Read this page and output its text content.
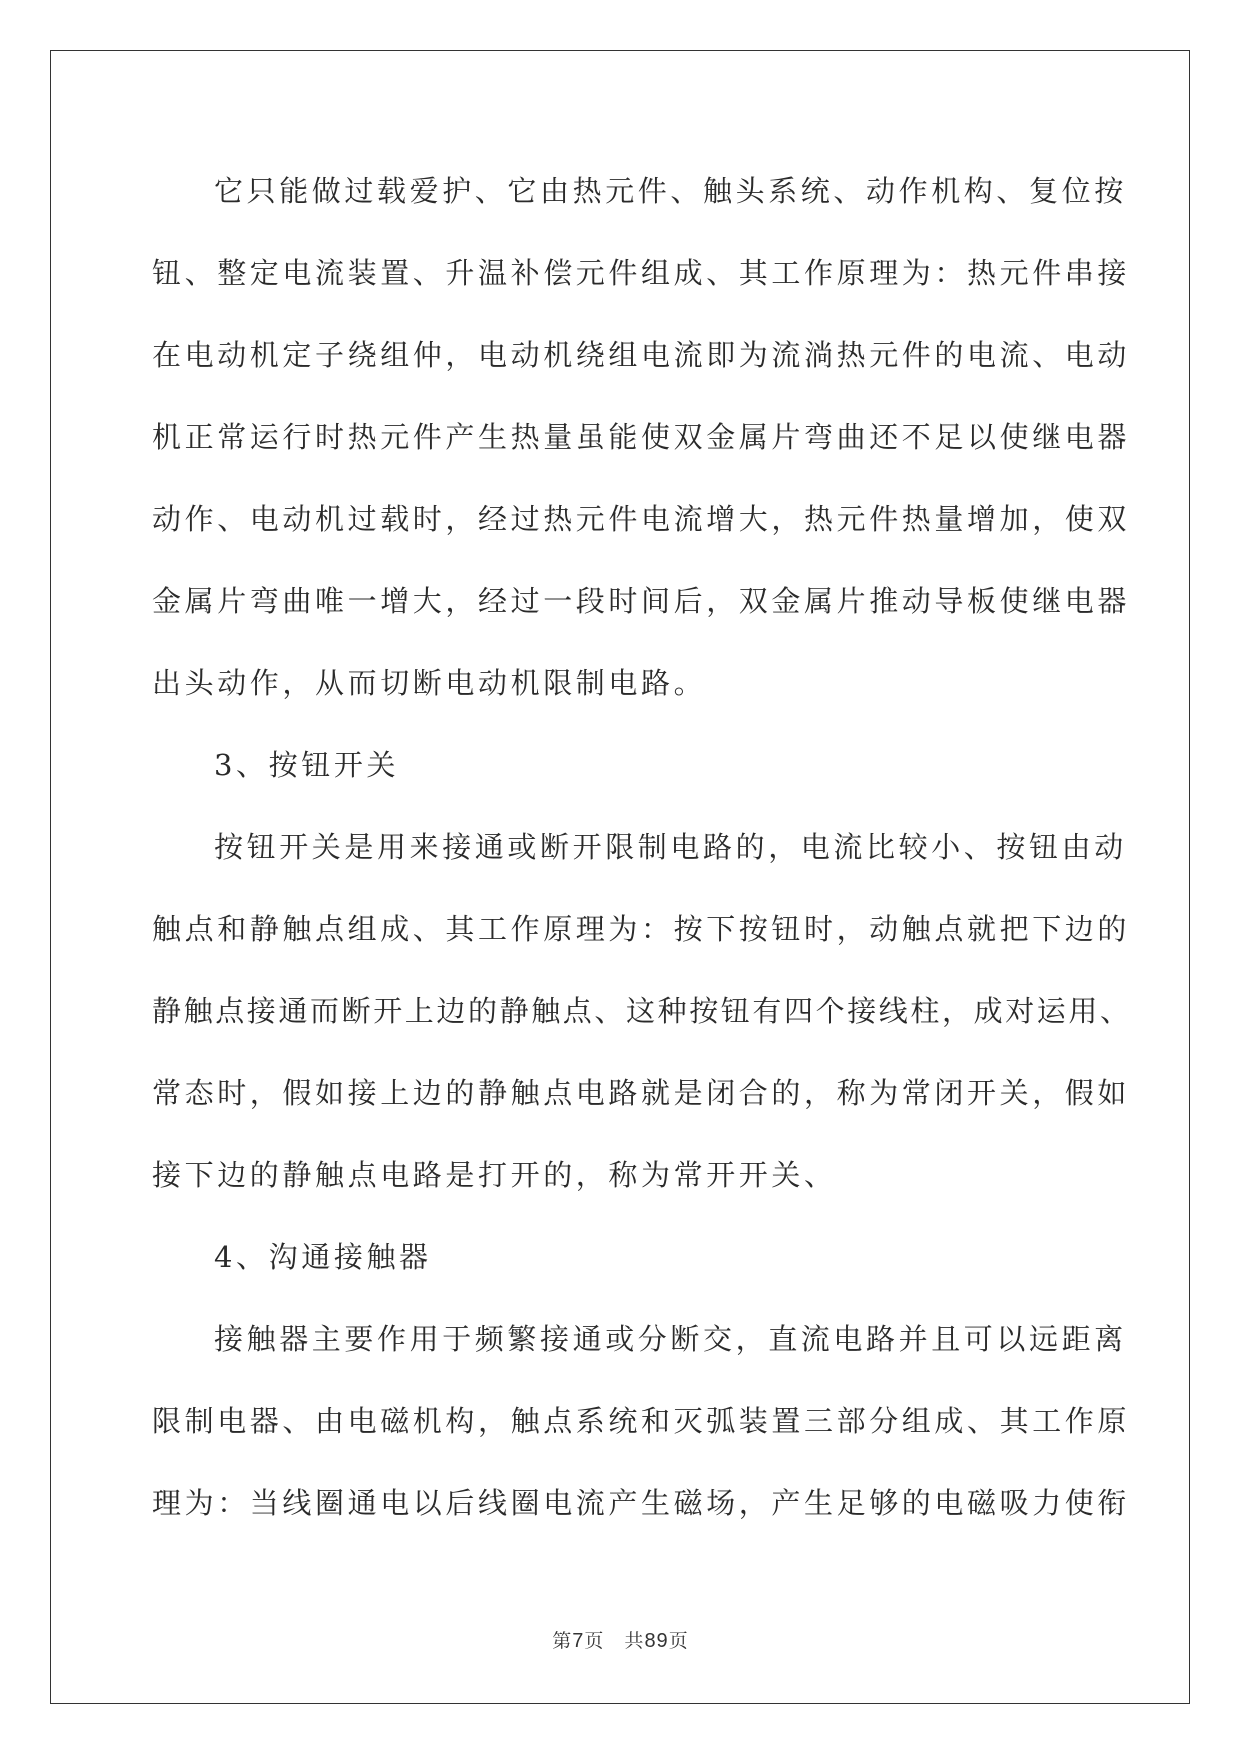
它只能做过载爱护、它由热元件、触头系统、动作机构、复位按
钮、整定电流装置、升温补偿元件组成、其工作原理为：热元件串接
在电动机定子绕组仲，电动机绕组电流即为流淌热元件的电流、电动
机正常运行时热元件产生热量虽能使双金属片弯曲还不足以使继电器
动作、电动机过载时，经过热元件电流增大，热元件热量增加，使双
金属片弯曲唯一增大，经过一段时间后，双金属片推动导板使继电器
出头动作，从而切断电动机限制电路。
3、按钮开关
按钮开关是用来接通或断开限制电路的，电流比较小、按钮由动
触点和静触点组成、其工作原理为：按下按钮时，动触点就把下边的
静触点接通而断开上边的静触点、这种按钮有四个接线柱，成对运用、
常态时，假如接上边的静触点电路就是闭合的，称为常闭开关，假如
接下边的静触点电路是打开的，称为常开开关、
4、沟通接触器
接触器主要作用于频繁接通或分断交，直流电路并且可以远距离
限制电器、由电磁机构，触点系统和灭弧装置三部分组成、其工作原
理为：当线圈通电以后线圈电流产生磁场，产生足够的电磁吸力使衔
第7页　共89页
